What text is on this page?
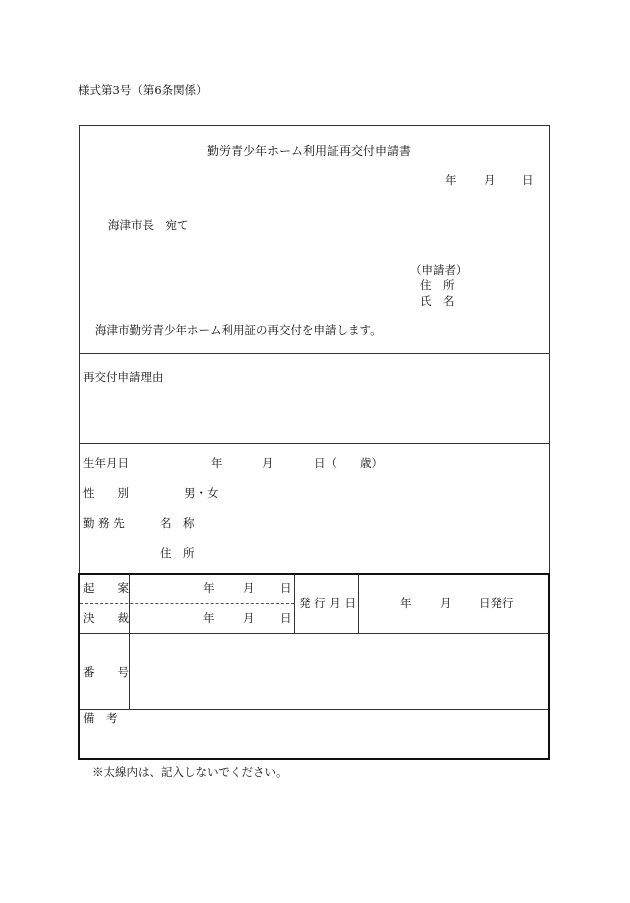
様式第3号（第6条関係）
勤労青少年ホーム利用証再交付申請書
年 月 日
海津市長　宛て
（申請者）
住　所
氏　名
海津市勤労青少年ホーム利用証の再交付を申請します。
再交付申請理由
生年月日	年	月	日（　　歳）
性　　別	男・女
勤 務 先	名　称
住　所
起　　案	年 月 日
決　　裁	年 月 日
発 行 月 日	年 月 日発行
番　　号
備　考
※太線内は、記入しないでください。
